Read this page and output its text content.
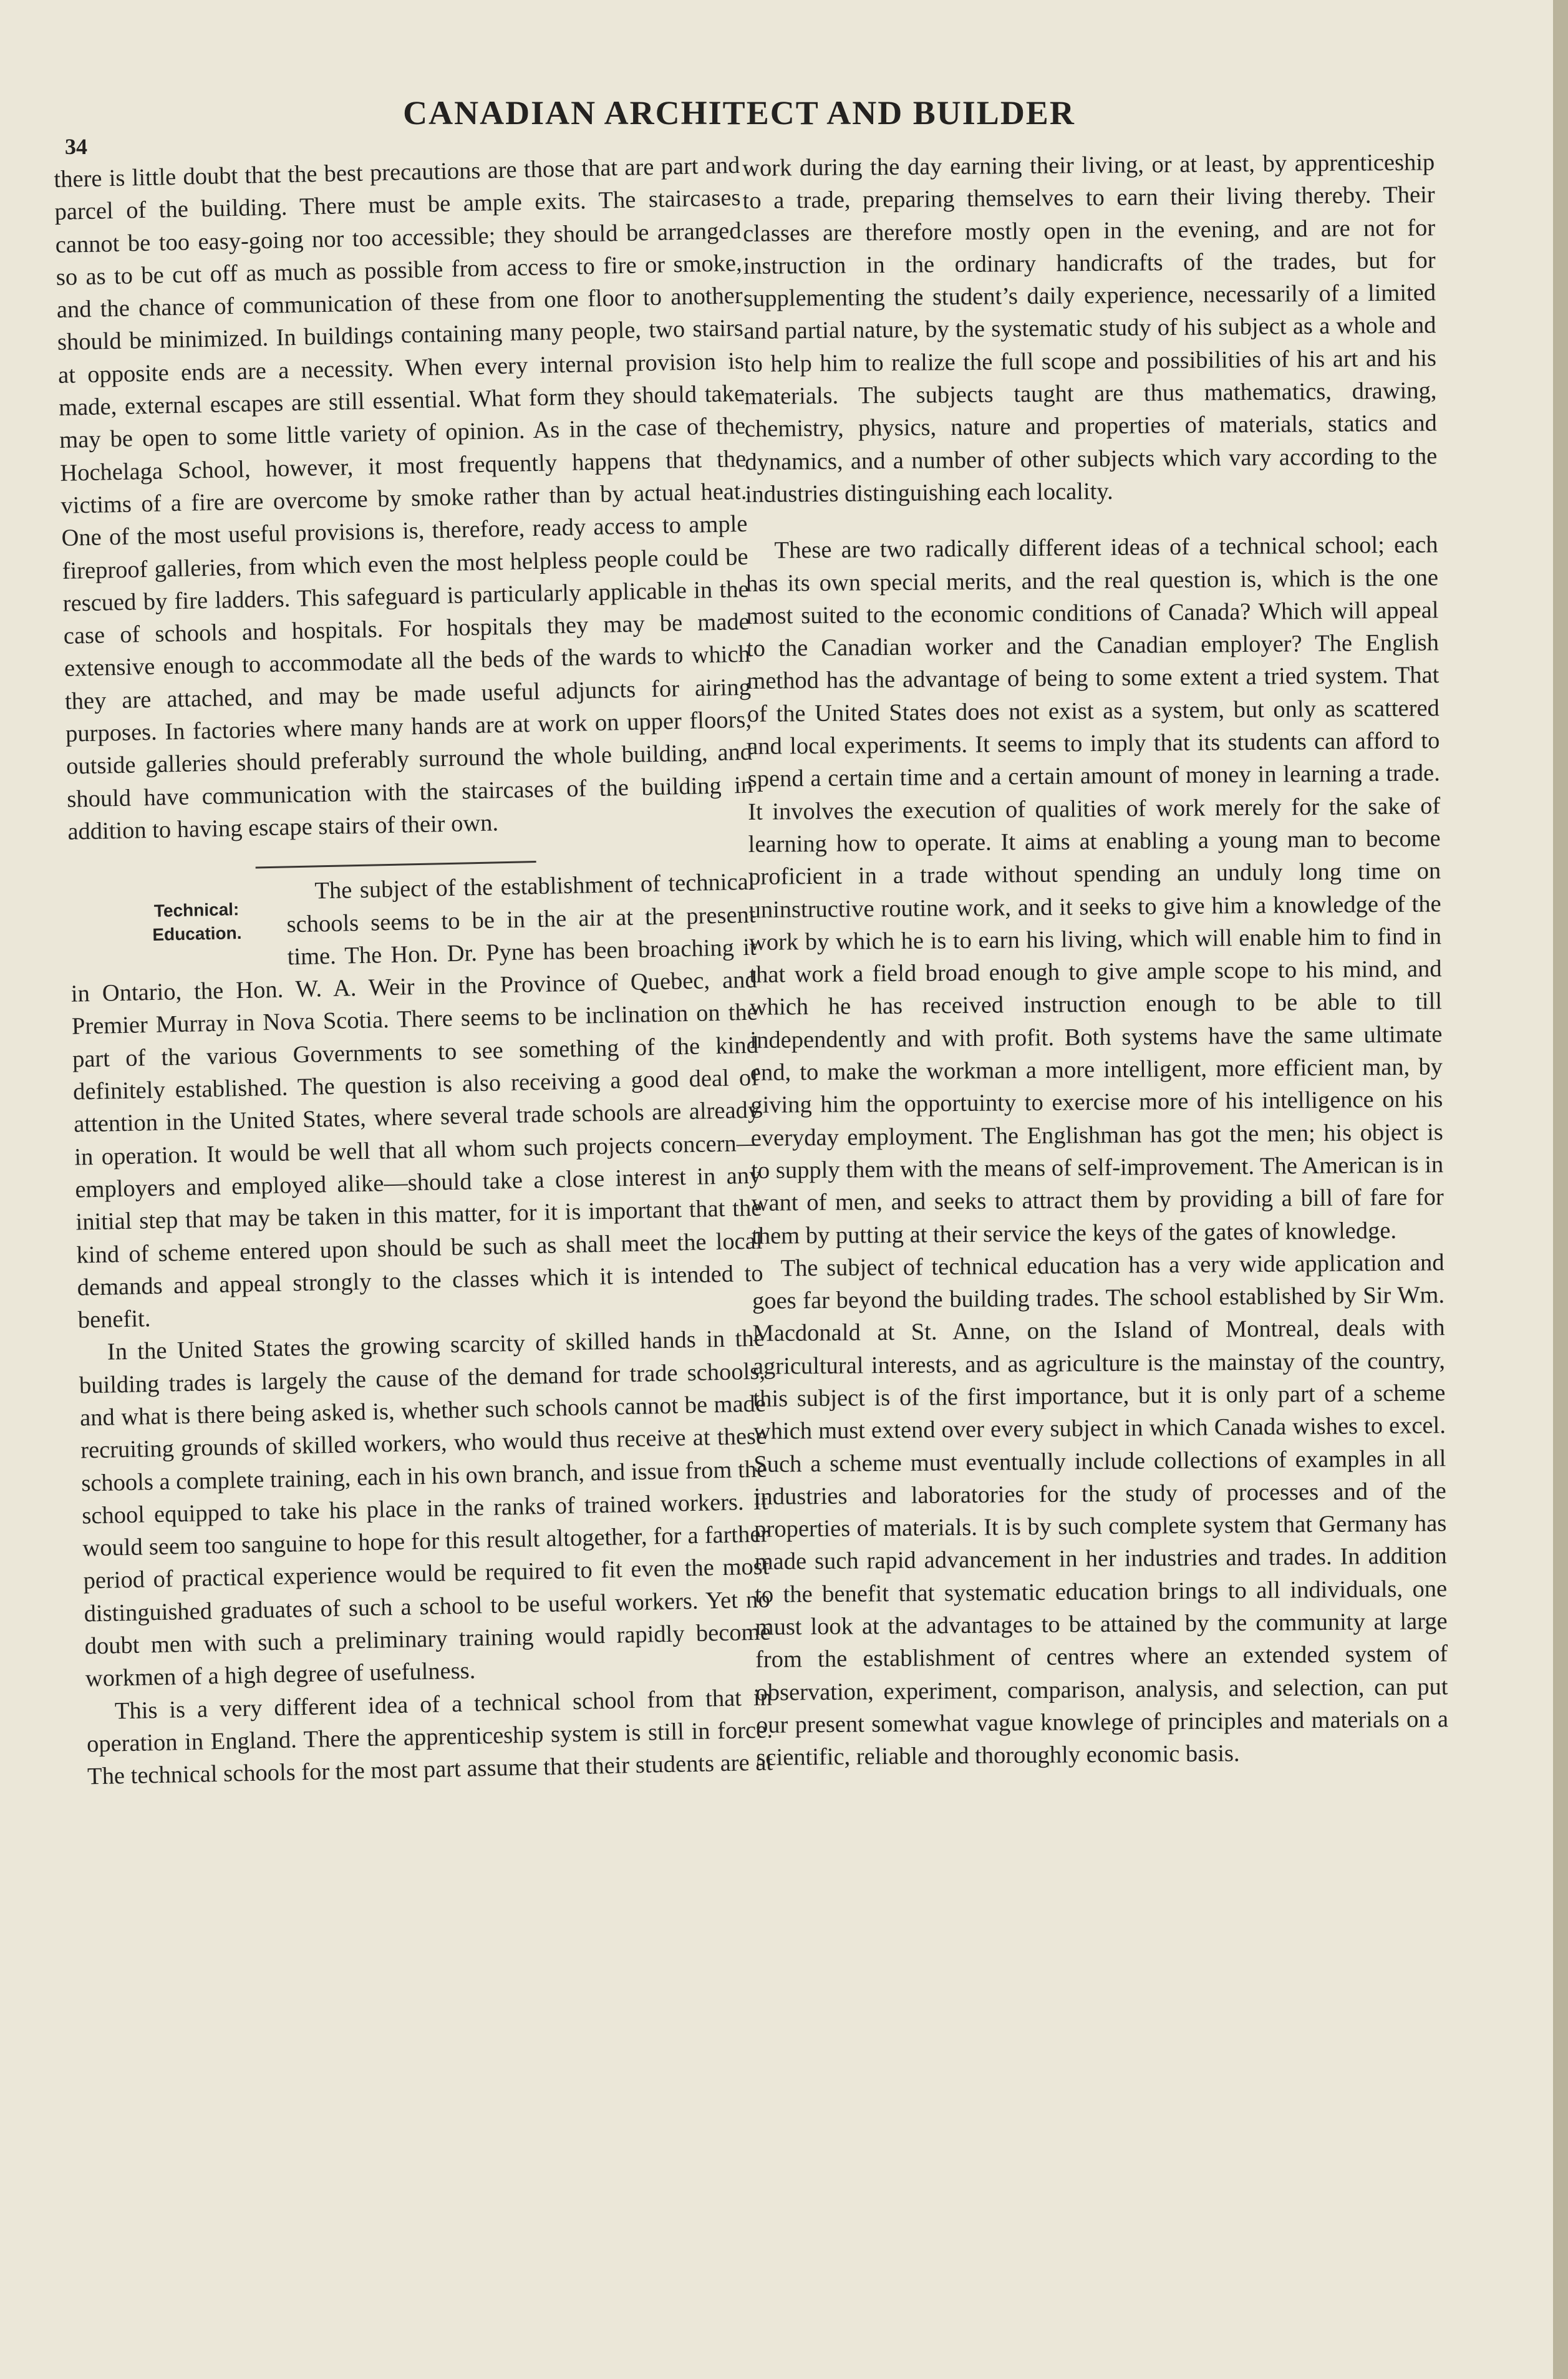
34
CANADIAN ARCHITECT AND BUILDER

there is little doubt that the best precautions are those that are part and parcel of the building. There must be ample exits. The staircases cannot be too easy-going nor too accessible; they should be arranged so as to be cut off as much as possible from access to fire or smoke, and the chance of communication of these from one floor to another should be minimized. In buildings containing many people, two stairs at opposite ends are a necessity. When every internal provision is made, external escapes are still essential. What form they should take may be open to some little variety of opinion. As in the case of the Hochelaga School, however, it most frequently happens that the victims of a fire are overcome by smoke rather than by actual heat. One of the most useful provisions is, therefore, ready access to ample fireproof galleries, from which even the most helpless people could be rescued by fire ladders. This safeguard is particularly applicable in the case of schools and hospitals. For hospitals they may be made extensive enough to accommodate all the beds of the wards to which they are attached, and may be made useful adjuncts for airing purposes. In factories where many hands are at work on upper floors, outside galleries should preferably surround the whole building, and should have communication with the staircases of the building in addition to having escape stairs of their own.

Technical:
Education.

The subject of the establishment of technical schools seems to be in the air at the present time. The Hon. Dr. Pyne has been broaching it in Ontario, the Hon. W. A. Weir in the Province of Quebec, and Premier Murray in Nova Scotia. There seems to be inclination on the part of the various Governments to see something of the kind definitely established. The question is also receiving a good deal of attention in the United States, where several trade schools are already in operation. It would be well that all whom such projects concern—employers and employed alike—should take a close interest in any initial step that may be taken in this matter, for it is important that the kind of scheme entered upon should be such as shall meet the local demands and appeal strongly to the classes which it is intended to benefit.

In the United States the growing scarcity of skilled hands in the building trades is largely the cause of the demand for trade schools, and what is there being asked is, whether such schools cannot be made recruiting grounds of skilled workers, who would thus receive at these schools a complete training, each in his own branch, and issue from the school equipped to take his place in the ranks of trained workers. It would seem too sanguine to hope for this result altogether, for a farther period of practical experience would be required to fit even the most distinguished graduates of such a school to be useful workers. Yet no doubt men with such a preliminary training would rapidly become workmen of a high degree of usefulness.

This is a very different idea of a technical school from that in operation in England. There the apprenticeship system is still in force. The technical schools for the most part assume that their students are at

work during the day earning their living, or at least, by apprenticeship to a trade, preparing themselves to earn their living thereby. Their classes are therefore mostly open in the evening, and are not for instruction in the ordinary handicrafts of the trades, but for supplementing the student’s daily experience, necessarily of a limited and partial nature, by the systematic study of his subject as a whole and to help him to realize the full scope and possibilities of his art and his materials. The subjects taught are thus mathematics, drawing, chemistry, physics, nature and properties of materials, statics and dynamics, and a number of other subjects which vary according to the industries distinguishing each locality.

These are two radically different ideas of a technical school; each has its own special merits, and the real question is, which is the one most suited to the economic conditions of Canada? Which will appeal to the Canadian worker and the Canadian employer? The English method has the advantage of being to some extent a tried system. That of the United States does not exist as a system, but only as scattered and local experiments. It seems to imply that its students can afford to spend a certain time and a certain amount of money in learning a trade. It involves the execution of qualities of work merely for the sake of learning how to operate. It aims at enabling a young man to become proficient in a trade without spending an unduly long time on uninstructive routine work, and it seeks to give him a knowledge of the work by which he is to earn his living, which will enable him to find in that work a field broad enough to give ample scope to his mind, and which he has received instruction enough to be able to till independently and with profit. Both systems have the same ultimate end, to make the workman a more intelligent, more efficient man, by giving him the opportuinty to exercise more of his intelligence on his everyday employment. The Englishman has got the men; his object is to supply them with the means of self-improvement. The American is in want of men, and seeks to attract them by providing a bill of fare for them by putting at their service the keys of the gates of knowledge.

The subject of technical education has a very wide application and goes far beyond the building trades. The school established by Sir Wm. Macdonald at St. Anne, on the Island of Montreal, deals with agricultural interests, and as agriculture is the mainstay of the country, this subject is of the first importance, but it is only part of a scheme which must extend over every subject in which Canada wishes to excel. Such a scheme must eventually include collections of examples in all industries and laboratories for the study of processes and of the properties of materials. It is by such complete system that Germany has made such rapid advancement in her industries and trades. In addition to the benefit that systematic education brings to all individuals, one must look at the advantages to be attained by the community at large from the establishment of centres where an extended system of observation, experiment, comparison, analysis, and selection, can put our present somewhat vague knowlege of principles and materials on a scientific, reliable and thoroughly economic basis.
